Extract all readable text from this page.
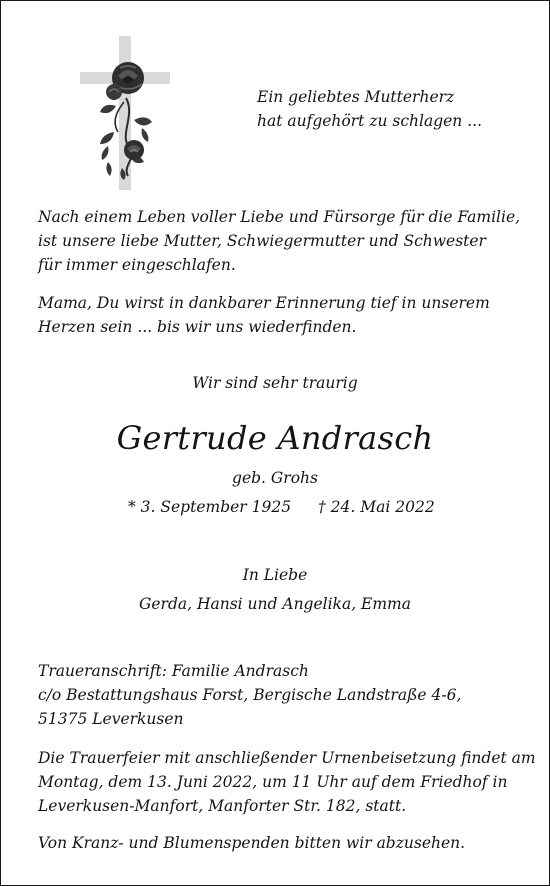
Ein geliebtes Mutterherz
hat aufgehört zu schlagen ...
Nach einem Leben voller Liebe und Fürsorge für die Familie,
ist unsere liebe Mutter, Schwiegermutter und Schwester
für immer eingeschlafen.
Mama, Du wirst in dankbarer Erinnerung tief in unserem
Herzen sein ... bis wir uns wiederfinden.
Wir sind sehr traurig
Gertrude Andrasch
geb. Grohs
* 3. September 1925 † 24. Mai 2022
In Liebe
Gerda, Hansi und Angelika, Emma
Traueranschrift: Familie Andrasch
c/o Bestattungshaus Forst, Bergische Landstraße 4-6,
51375 Leverkusen
Die Trauerfeier mit anschließender Urnenbeisetzung findet am
Montag, dem 13. Juni 2022, um 11 Uhr auf dem Friedhof in
Leverkusen-Manfort, Manforter Str. 182, statt.
Von Kranz- und Blumenspenden bitten wir abzusehen.
